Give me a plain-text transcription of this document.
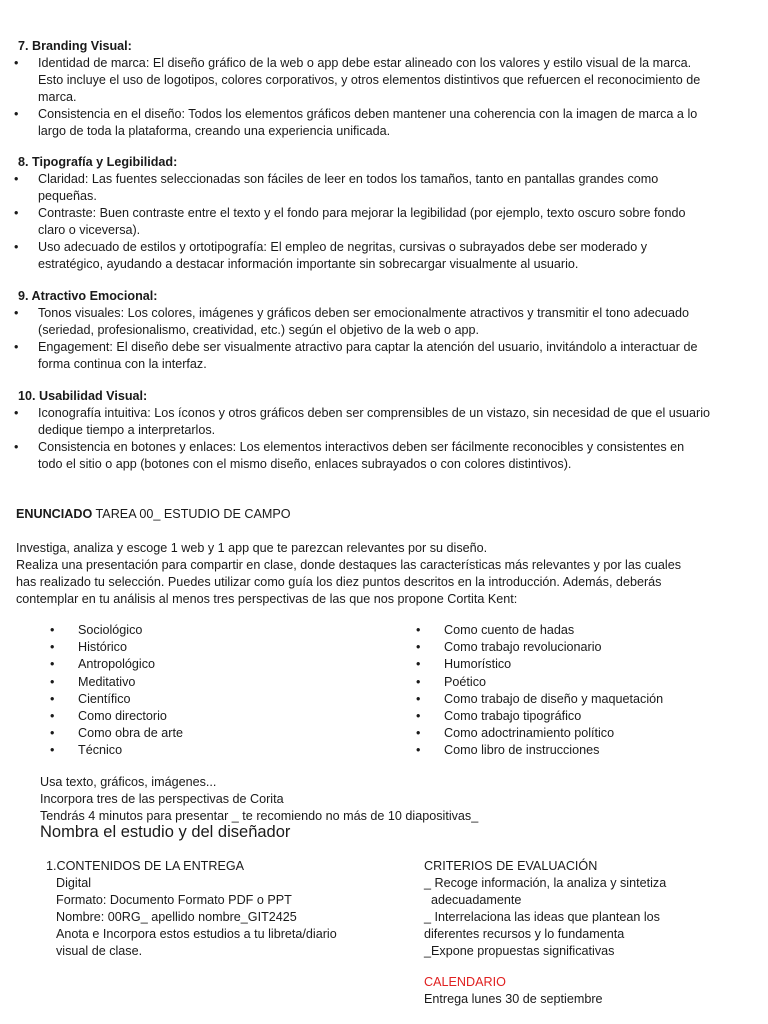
7. Branding Visual:
• Identidad de marca: El diseño gráfico de la web o app debe estar alineado con los valores y estilo visual de la marca.
Esto incluye el uso de logotipos, colores corporativos, y otros elementos distintivos que refuercen el reconocimiento de
marca.
• Consistencia en el diseño: Todos los elementos gráficos deben mantener una coherencia con la imagen de marca a lo
largo de toda la plataforma, creando una experiencia unificada.
8. Tipografía y Legibilidad:
• Claridad: Las fuentes seleccionadas son fáciles de leer en todos los tamaños, tanto en pantallas grandes como
pequeñas.
• Contraste: Buen contraste entre el texto y el fondo para mejorar la legibilidad (por ejemplo, texto oscuro sobre fondo
claro o viceversa).
• Uso adecuado de estilos y ortotipografía: El empleo de negritas, cursivas o subrayados debe ser moderado y
estratégico, ayudando a destacar información importante sin sobrecargar visualmente al usuario.
9. Atractivo Emocional:
• Tonos visuales: Los colores, imágenes y gráficos deben ser emocionalmente atractivos y transmitir el tono adecuado
(seriedad, profesionalismo, creatividad, etc.) según el objetivo de la web o app.
• Engagement: El diseño debe ser visualmente atractivo para captar la atención del usuario, invitándolo a interactuar de
forma continua con la interfaz.
10. Usabilidad Visual:
• Iconografía intuitiva: Los íconos y otros gráficos deben ser comprensibles de un vistazo, sin necesidad de que el usuario
dedique tiempo a interpretarlos.
• Consistencia en botones y enlaces: Los elementos interactivos deben ser fácilmente reconocibles y consistentes en
todo el sitio o app (botones con el mismo diseño, enlaces subrayados o con colores distintivos).
ENUNCIADO TAREA 00_ ESTUDIO DE CAMPO
Investiga, analiza y escoge 1 web y 1 app que te parezcan relevantes por su diseño.
Realiza una presentación para compartir en clase, donde destaques las características más relevantes y por las cuales
has realizado tu selección. Puedes utilizar como guía los diez puntos descritos en la introducción. Además, deberás
contemplar en tu análisis al menos tres perspectivas de las que nos propone Cortita Kent:
• Sociológico
• Histórico
• Antropológico
• Meditativo
• Científico
• Como directorio
• Como obra de arte
• Técnico
• Como cuento de hadas
• Como trabajo revolucionario
• Humorístico
• Poético
• Como trabajo de diseño y maquetación
• Como trabajo tipográfico
• Como adoctrinamiento político
• Como libro de instrucciones
Usa texto, gráficos, imágenes...
Incorpora tres de las perspectivas de Corita
Tendrás 4 minutos para presentar _ te recomiendo no más de 10 diapositivas_
Nombra el estudio y del diseñador
1.CONTENIDOS DE LA ENTREGA
Digital
Formato: Documento Formato PDF o PPT
Nombre: 00RG_ apellido nombre_GIT2425
Anota e Incorpora estos estudios a tu libreta/diario
visual de clase.
CRITERIOS DE EVALUACIÓN
_ Recoge información, la analiza y sintetiza
adecuadamente
_ Interrelaciona las ideas que plantean los
diferentes recursos y lo fundamenta
_Expone propuestas significativas
CALENDARIO
Entrega lunes 30 de septiembre
